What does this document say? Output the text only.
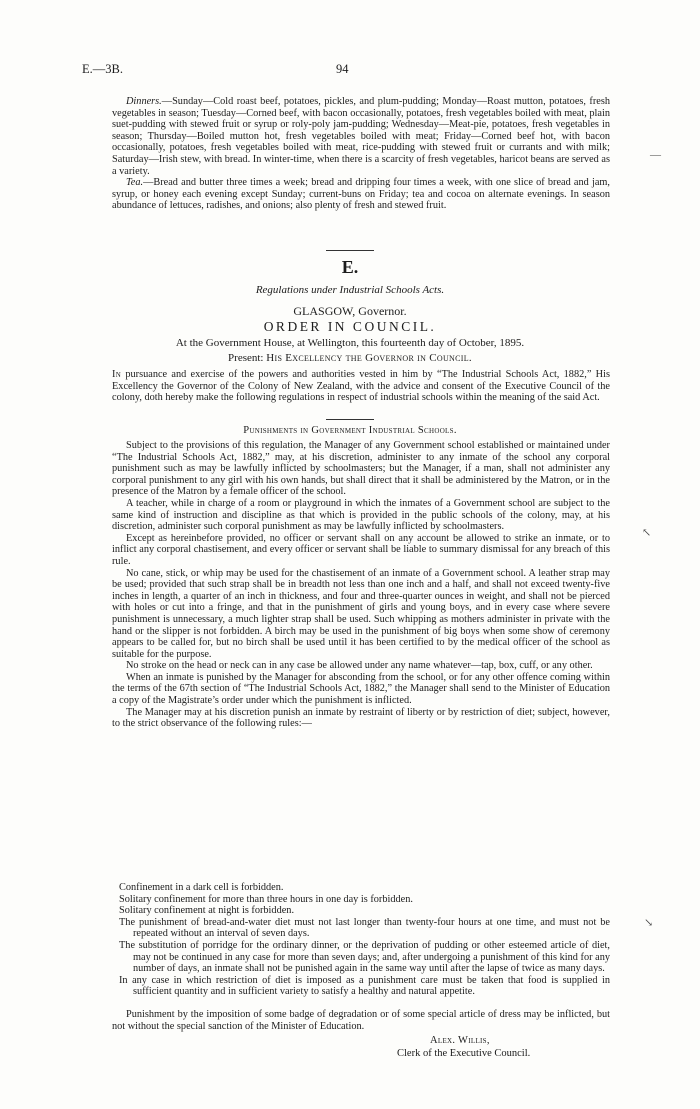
E.—3B.	94

Dinners.—Sunday—Cold roast beef, potatoes, pickles, and plum-pudding; Monday—Roast mutton, potatoes, fresh vegetables in season; Tuesday—Corned beef, with bacon occasionally, potatoes, fresh vegetables boiled with meat, plain suet-pudding with stewed fruit or syrup or roly-poly jam-pudding; Wednesday—Meat-pie, potatoes, fresh vegetables in season; Thursday—Boiled mutton hot, fresh vegetables boiled with meat; Friday—Corned beef hot, with bacon occasionally, potatoes, fresh vegetables boiled with meat, rice-pudding with stewed fruit or currants and with milk; Saturday—Irish stew, with bread. In winter-time, when there is a scarcity of fresh vegetables, haricot beans are served as a variety.

Tea.—Bread and butter three times a week; bread and dripping four times a week, with one slice of bread and jam, syrup, or honey each evening except Sunday; current-buns on Friday; tea and cocoa on alternate evenings. In season abundance of lettuces, radishes, and onions; also plenty of fresh and stewed fruit.

E.
Regulations under Industrial Schools Acts.
GLASGOW, Governor.
ORDER IN COUNCIL.
At the Government House, at Wellington, this fourteenth day of October, 1895.
Present: His Excellency the Governor in Council.

In pursuance and exercise of the powers and authorities vested in him by “The Industrial Schools Act, 1882,” His Excellency the Governor of the Colony of New Zealand, with the advice and consent of the Executive Council of the colony, doth hereby make the following regulations in respect of industrial schools within the meaning of the said Act.

Punishments in Government Industrial Schools.

Subject to the provisions of this regulation, the Manager of any Government school established or maintained under “The Industrial Schools Act, 1882,” may, at his discretion, administer to any inmate of the school any corporal punishment such as may be lawfully inflicted by schoolmasters; but the Manager, if a man, shall not administer any corporal punishment to any girl with his own hands, but shall direct that it shall be administered by the Matron, or in the presence of the Matron by a female officer of the school.

A teacher, while in charge of a room or playground in which the inmates of a Government school are subject to the same kind of instruction and discipline as that which is provided in the public schools of the colony, may, at his discretion, administer such corporal punishment as may be lawfully inflicted by schoolmasters.

Except as hereinbefore provided, no officer or servant shall on any account be allowed to strike an inmate, or to inflict any corporal chastisement, and every officer or servant shall be liable to summary dismissal for any breach of this rule.

No cane, stick, or whip may be used for the chastisement of an inmate of a Government school. A leather strap may be used; provided that such strap shall be in breadth not less than one inch and a half, and shall not exceed twenty-five inches in length, a quarter of an inch in thickness, and four and three-quarter ounces in weight, and shall not be pierced with holes or cut into a fringe, and that in the punishment of girls and young boys, and in every case where severe punishment is unnecessary, a much lighter strap shall be used. Such whipping as mothers administer in private with the hand or the slipper is not forbidden. A birch may be used in the punishment of big boys when some show of ceremony appears to be called for, but no birch shall be used until it has been certified to by the medical officer of the school as suitable for the purpose.

No stroke on the head or neck can in any case be allowed under any name whatever—tap, box, cuff, or any other.

When an inmate is punished by the Manager for absconding from the school, or for any other offence coming within the terms of the 67th section of “The Industrial Schools Act, 1882,” the Manager shall send to the Minister of Education a copy of the Magistrate’s order under which the punishment is inflicted.

The Manager may at his discretion punish an inmate by restraint of liberty or by restriction of diet; subject, however, to the strict observance of the following rules:—

Confinement in a dark cell is forbidden.

Solitary confinement for more than three hours in one day is forbidden.

Solitary confinement at night is forbidden.

The punishment of bread-and-water diet must not last longer than twenty-four hours at one time, and must not be repeated without an interval of seven days.

The substitution of porridge for the ordinary dinner, or the deprivation of pudding or other esteemed article of diet, may not be continued in any case for more than seven days; and, after undergoing a punishment of this kind for any number of days, an inmate shall not be punished again in the same way until after the lapse of twice as many days.

In any case in which restriction of diet is imposed as a punishment care must be taken that food is supplied in sufficient quantity and in sufficient variety to satisfy a healthy and natural appetite.

Punishment by the imposition of some badge of degradation or of some special article of dress may be inflicted, but not without the special sanction of the Minister of Education.

Alex. Willis,
Clerk of the Executive Council.
—
↖
↘
